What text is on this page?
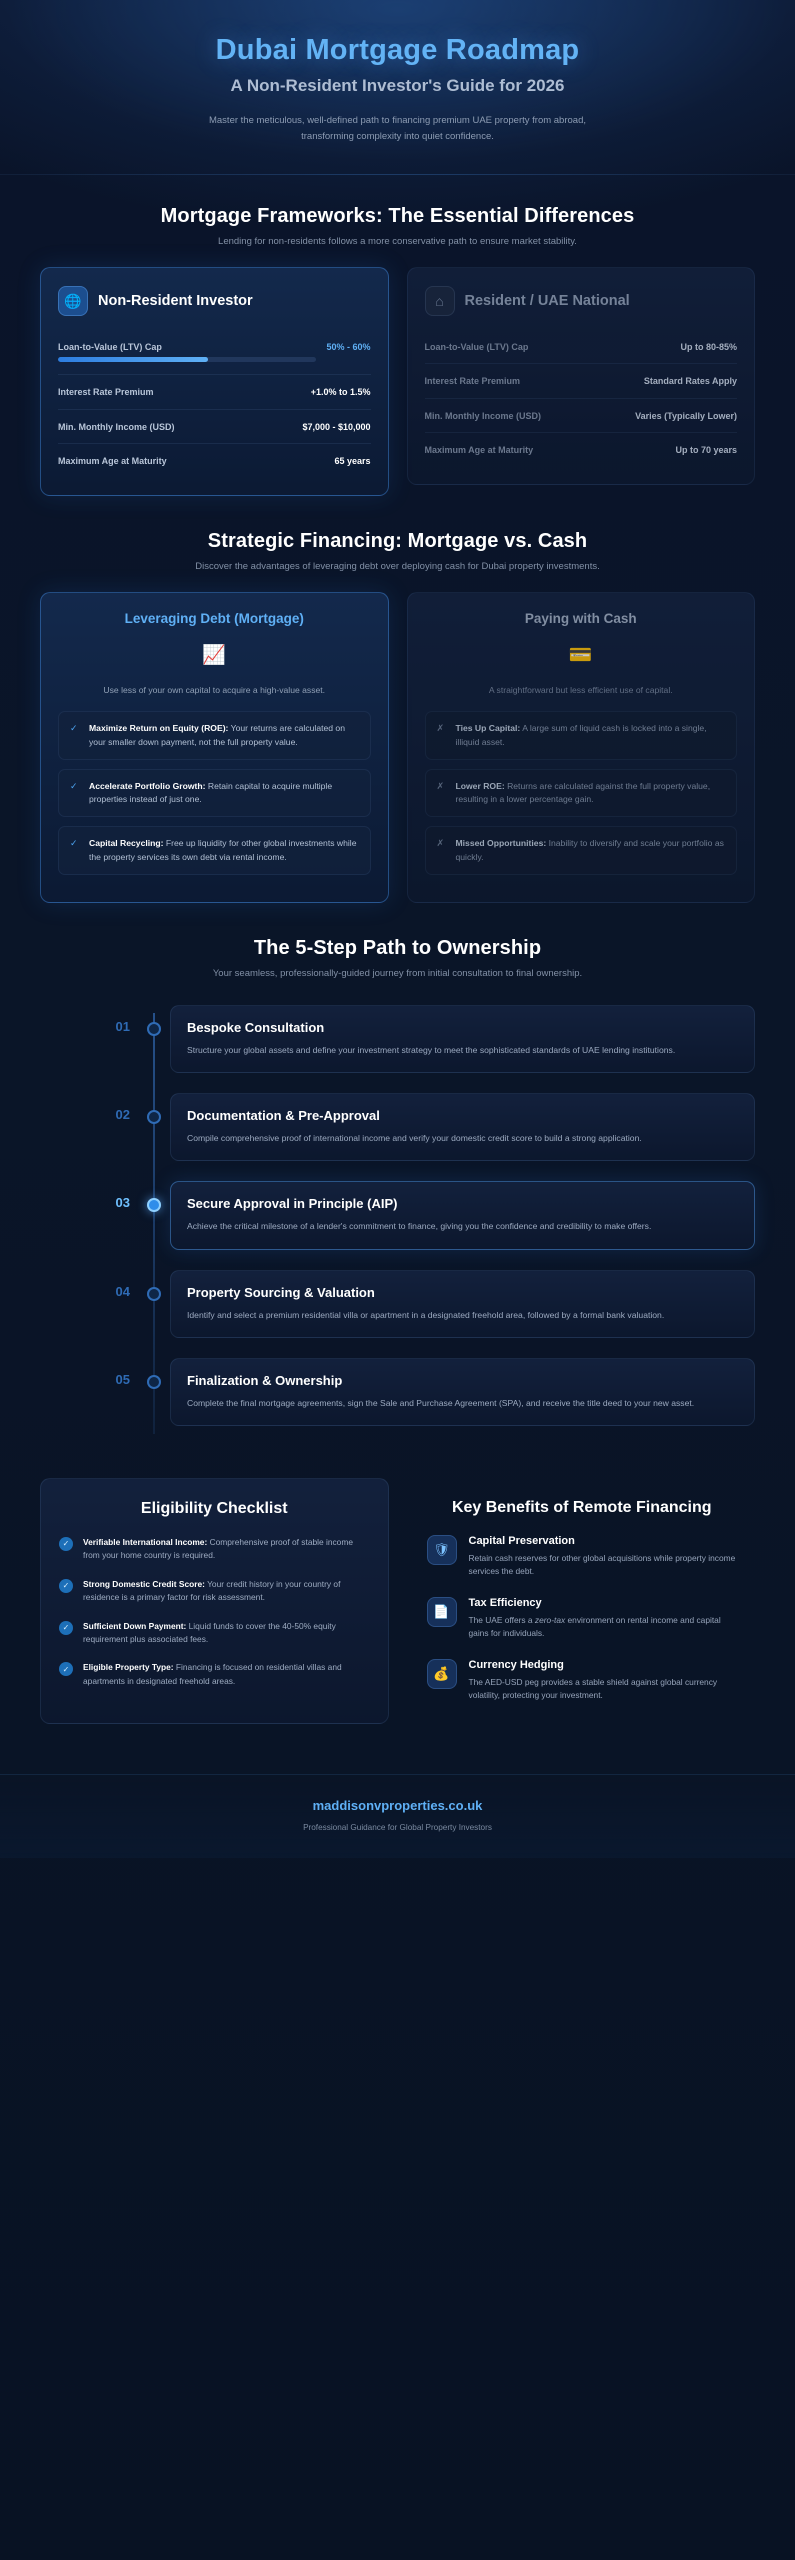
Dubai Mortgage Roadmap
A Non-Resident Investor's Guide for 2026

Master the meticulous, well-defined path to financing premium UAE property from abroad, transforming complexity into quiet confidence.

Mortgage Frameworks: The Essential Differences

Lending for non-residents follows a more conservative path to ensure market stability.

🌐	Non-Resident Investor
Loan-to-Value (LTV) Cap	50% - 60%
Interest Rate Premium	+1.0% to 1.5%
Min. Monthly Income (USD)	$7,000 - $10,000
Maximum Age at Maturity	65 years
⌂	Resident / UAE National
Loan-to-Value (LTV) Cap	Up to 80-85%
Interest Rate Premium	Standard Rates Apply
Min. Monthly Income (USD)	Varies (Typically Lower)
Maximum Age at Maturity	Up to 70 years
Strategic Financing: Mortgage vs. Cash

Discover the advantages of leveraging debt over deploying cash for Dubai property investments.

Leveraging Debt (Mortgage)
📈
Use less of your own capital to acquire a high-value asset.
✓ Maximize Return on Equity (ROE): Your returns are calculated on your smaller down payment, not the full property value.

✓ Accelerate Portfolio Growth: Retain capital to acquire multiple properties instead of just one.

✓ Capital Recycling: Free up liquidity for other global investments while the property services its own debt via rental income.

Paying with Cash
💳
A straightforward but less efficient use of capital.
✗ Ties Up Capital: A large sum of liquid cash is locked into a single, illiquid asset.

✗ Lower ROE: Returns are calculated against the full property value, resulting in a lower percentage gain.

✗ Missed Opportunities: Inability to diversify and scale your portfolio as quickly.

The 5-Step Path to Ownership

Your seamless, professionally-guided journey from initial consultation to final ownership.

01	Bespoke Consultation

Structure your global assets and define your investment strategy to meet the sophisticated standards of UAE lending institutions.

02	Documentation & Pre-Approval

Compile comprehensive proof of international income and verify your domestic credit score to build a strong application.

03	Secure Approval in Principle (AIP)

Achieve the critical milestone of a lender's commitment to finance, giving you the confidence and credibility to make offers.

04	Property Sourcing & Valuation

Identify and select a premium residential villa or apartment in a designated freehold area, followed by a formal bank valuation.

05	Finalization & Ownership

Complete the final mortgage agreements, sign the Sale and Purchase Agreement (SPA), and receive the title deed to your new asset.

Eligibility Checklist
✓	Verifiable International Income: Comprehensive proof of stable income from your home country is required.

✓	Strong Domestic Credit Score: Your credit history in your country of residence is a primary factor for risk assessment.

✓	Sufficient Down Payment: Liquid funds to cover the 40-50% equity requirement plus associated fees.

✓	Eligible Property Type: Financing is focused on residential villas and apartments in designated freehold areas.

Key Benefits of Remote Financing
🛡
Capital Preservation

Retain cash reserves for other global acquisitions while property income services the debt.

📄
Tax Efficiency

The UAE offers a zero-tax environment on rental income and capital gains for individuals.

💰
Currency Hedging

The AED-USD peg provides a stable shield against global currency volatility, protecting your investment.

maddisonvproperties.co.uk

Professional Guidance for Global Property Investors
